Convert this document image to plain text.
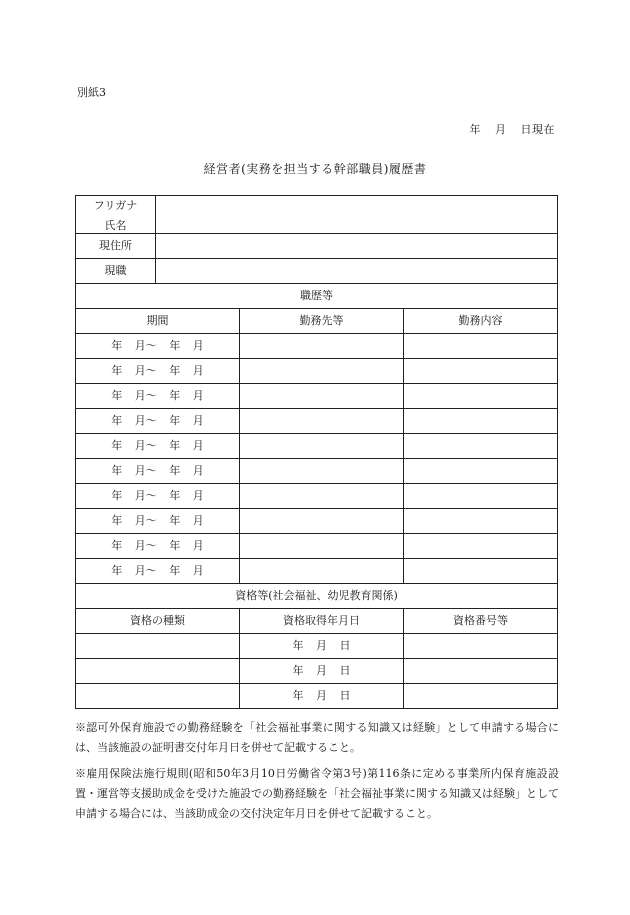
別紙3
年 月 日現在
経営者(実務を担当する幹部職員)履歴書
フリガナ
氏名			

現住所			
現職			
職歴等			
期間		勤務先等	勤務内容
年 月～ 年 月			
年 月～ 年 月			
年 月～ 年 月			
年 月～ 年 月			
年 月～ 年 月			
年 月～ 年 月			
年 月～ 年 月			
年 月～ 年 月			
年 月～ 年 月			
年 月～ 年 月			
資格等(社会福祉、幼児教育関係)			
資格の種類		資格取得年月日	資格番号等
		年 月 日	
		年 月 日	
		年 月 日	

※認可外保育施設での勤務経験を「社会福祉事業に関する知識又は経験」として申請する場合には、当該施設の証明書交付年月日を併せて記載すること。

※雇用保険法施行規則(昭和50年3月10日労働省令第3号)第116条に定める事業所内保育施設設置・運営等支援助成金を受けた施設での勤務経験を「社会福祉事業に関する知識又は経験」として申請する場合には、当該助成金の交付決定年月日を併せて記載すること。
